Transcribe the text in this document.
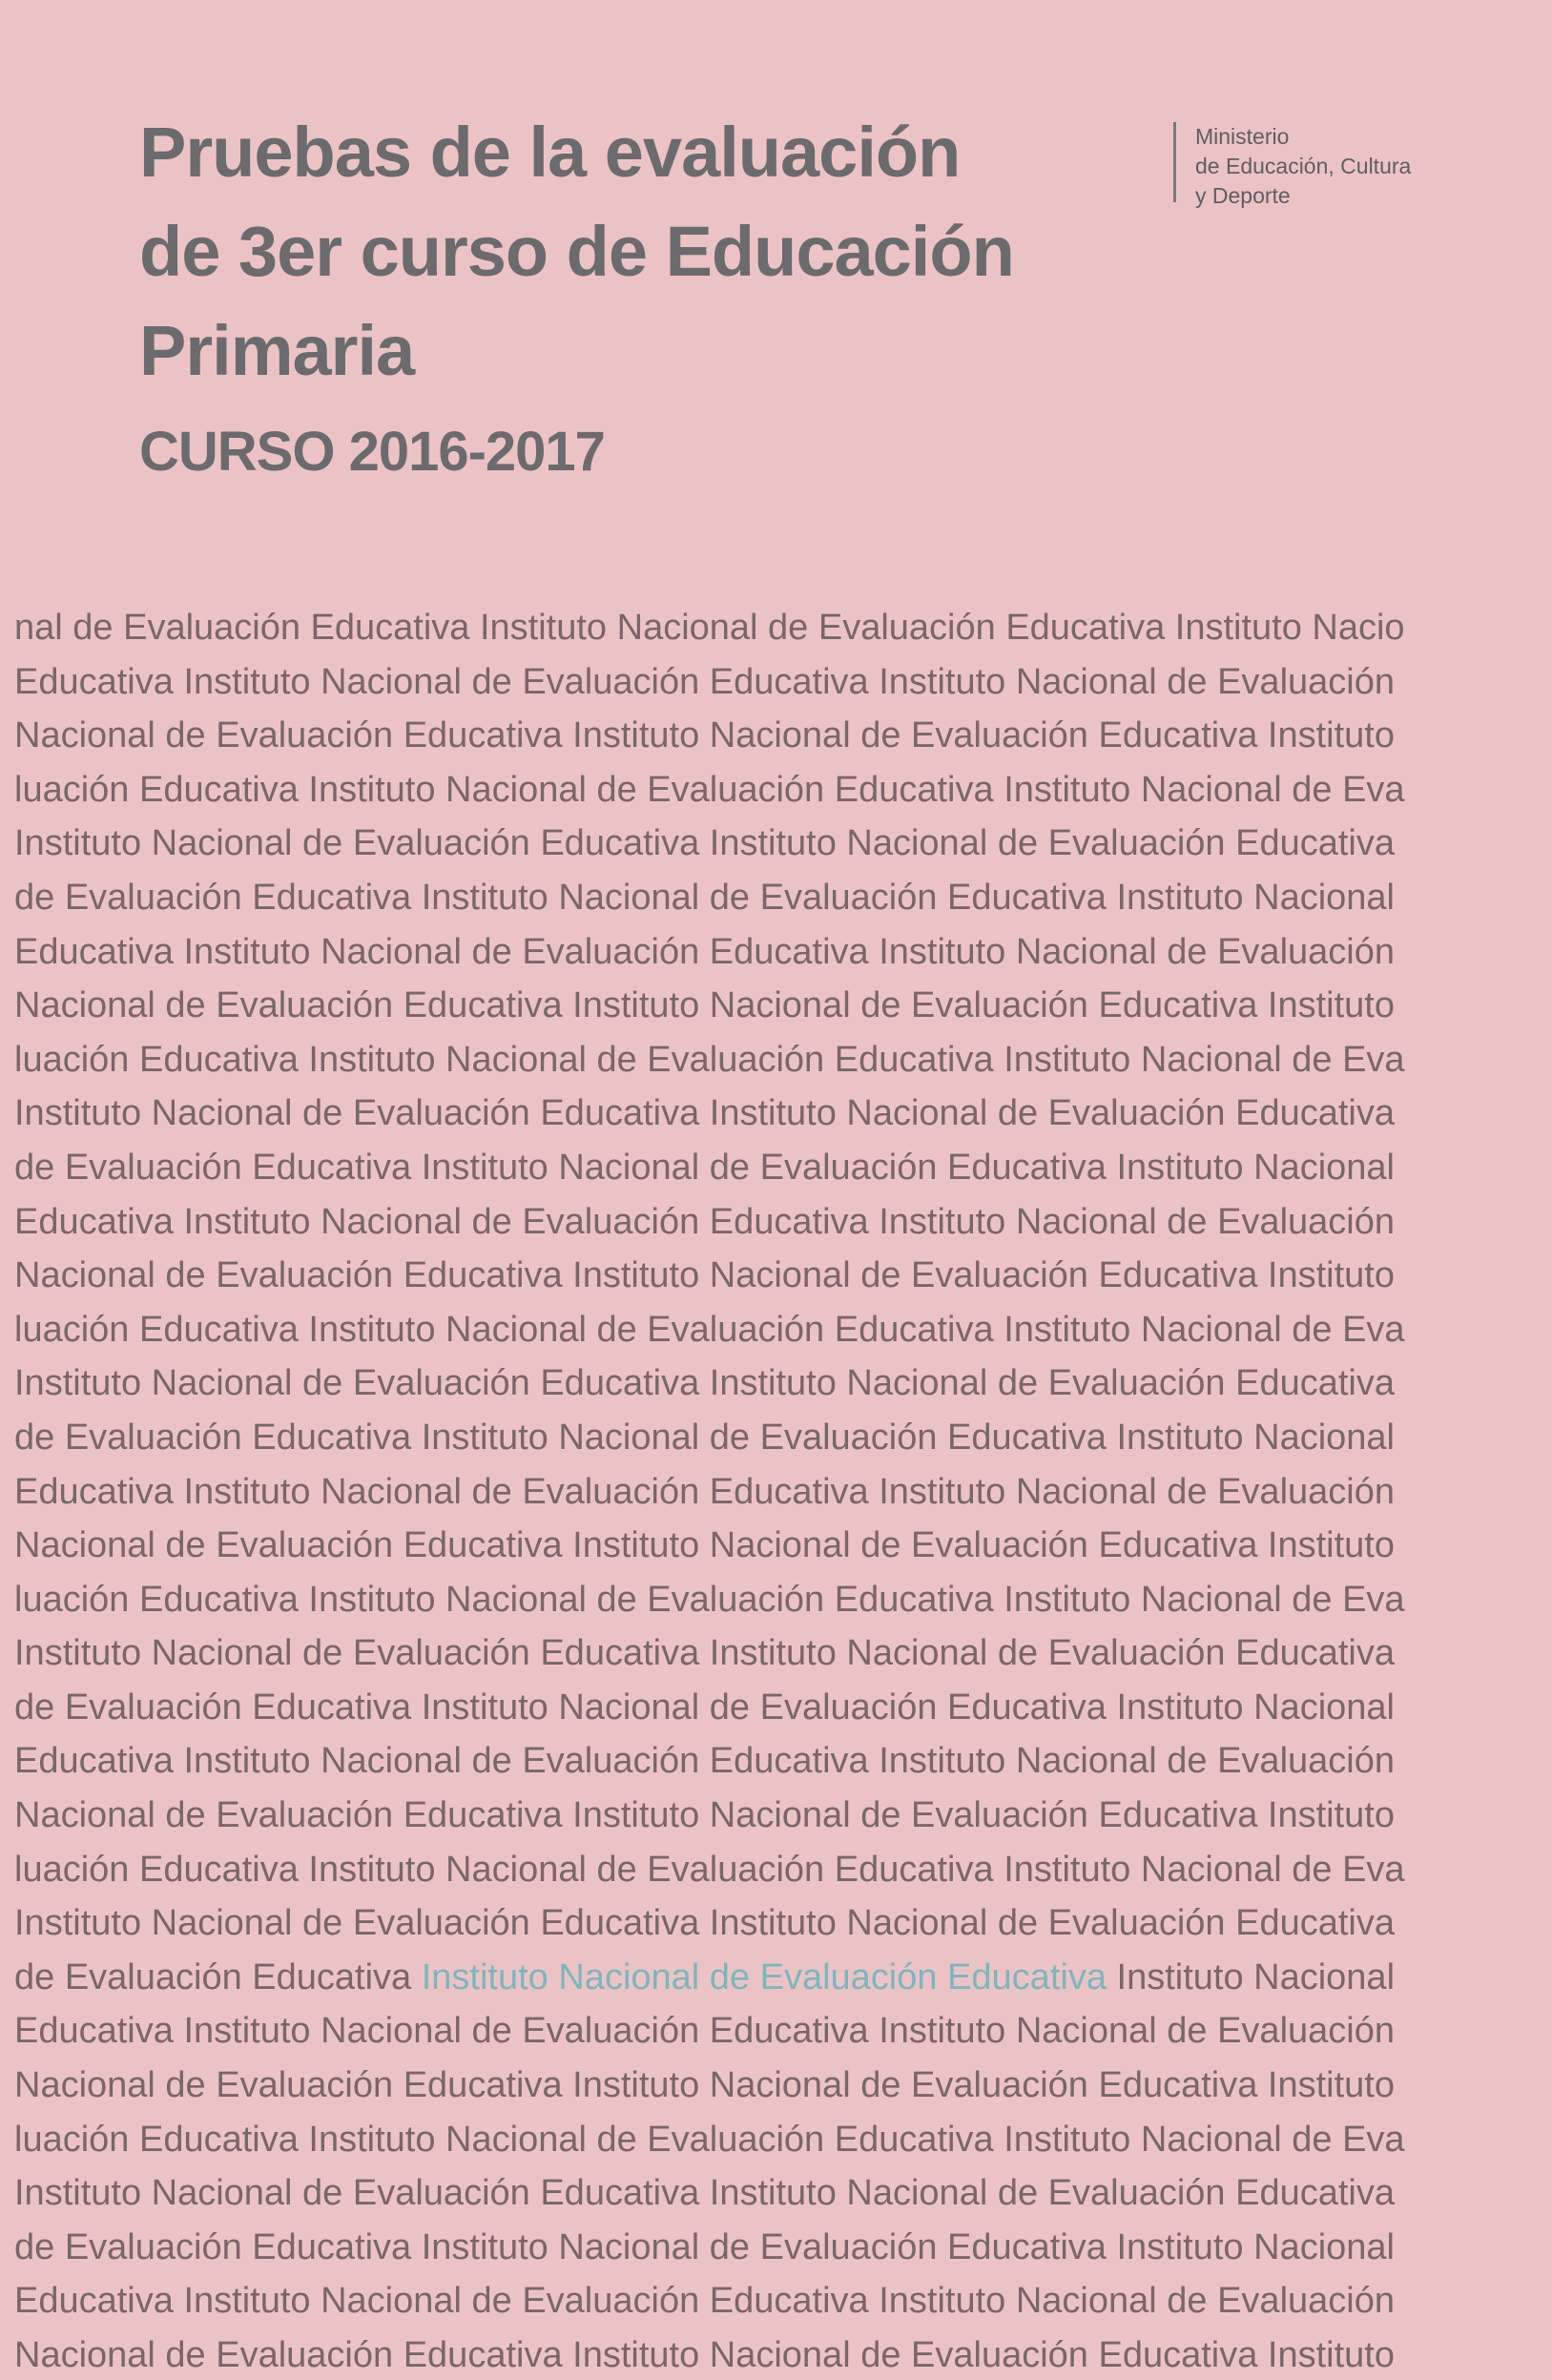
Pruebas de la evaluación
de 3er curso de Educación
Primaria
CURSO 2016-2017
Ministerio
de Educación, Cultura
y Deporte
nal de Evaluación Educativa Instituto Nacional de Evaluación Educativa Instituto Nacio
Educativa Instituto Nacional de Evaluación Educativa Instituto Nacional de Evaluación
Nacional de Evaluación Educativa Instituto Nacional de Evaluación Educativa Instituto
luación Educativa Instituto Nacional de Evaluación Educativa Instituto Nacional de Eva
Instituto Nacional de Evaluación Educativa Instituto Nacional de Evaluación Educativa
de Evaluación Educativa Instituto Nacional de Evaluación Educativa Instituto Nacional
Educativa Instituto Nacional de Evaluación Educativa Instituto Nacional de Evaluación
Nacional de Evaluación Educativa Instituto Nacional de Evaluación Educativa Instituto
luación Educativa Instituto Nacional de Evaluación Educativa Instituto Nacional de Eva
Instituto Nacional de Evaluación Educativa Instituto Nacional de Evaluación Educativa
de Evaluación Educativa Instituto Nacional de Evaluación Educativa Instituto Nacional
Educativa Instituto Nacional de Evaluación Educativa Instituto Nacional de Evaluación
Nacional de Evaluación Educativa Instituto Nacional de Evaluación Educativa Instituto
luación Educativa Instituto Nacional de Evaluación Educativa Instituto Nacional de Eva
Instituto Nacional de Evaluación Educativa Instituto Nacional de Evaluación Educativa
de Evaluación Educativa Instituto Nacional de Evaluación Educativa Instituto Nacional
Educativa Instituto Nacional de Evaluación Educativa Instituto Nacional de Evaluación
Nacional de Evaluación Educativa Instituto Nacional de Evaluación Educativa Instituto
luación Educativa Instituto Nacional de Evaluación Educativa Instituto Nacional de Eva
Instituto Nacional de Evaluación Educativa Instituto Nacional de Evaluación Educativa
de Evaluación Educativa Instituto Nacional de Evaluación Educativa Instituto Nacional
Educativa Instituto Nacional de Evaluación Educativa Instituto Nacional de Evaluación
Nacional de Evaluación Educativa Instituto Nacional de Evaluación Educativa Instituto
luación Educativa Instituto Nacional de Evaluación Educativa Instituto Nacional de Eva
Instituto Nacional de Evaluación Educativa Instituto Nacional de Evaluación Educativa
de Evaluación Educativa Instituto Nacional de Evaluación Educativa Instituto Nacional
Educativa Instituto Nacional de Evaluación Educativa Instituto Nacional de Evaluación
Nacional de Evaluación Educativa Instituto Nacional de Evaluación Educativa Instituto
luación Educativa Instituto Nacional de Evaluación Educativa Instituto Nacional de Eva
Instituto Nacional de Evaluación Educativa Instituto Nacional de Evaluación Educativa
de Evaluación Educativa Instituto Nacional de Evaluación Educativa Instituto Nacional
Educativa Instituto Nacional de Evaluación Educativa Instituto Nacional de Evaluación
Nacional de Evaluación Educativa Instituto Nacional de Evaluación Educativa Instituto
